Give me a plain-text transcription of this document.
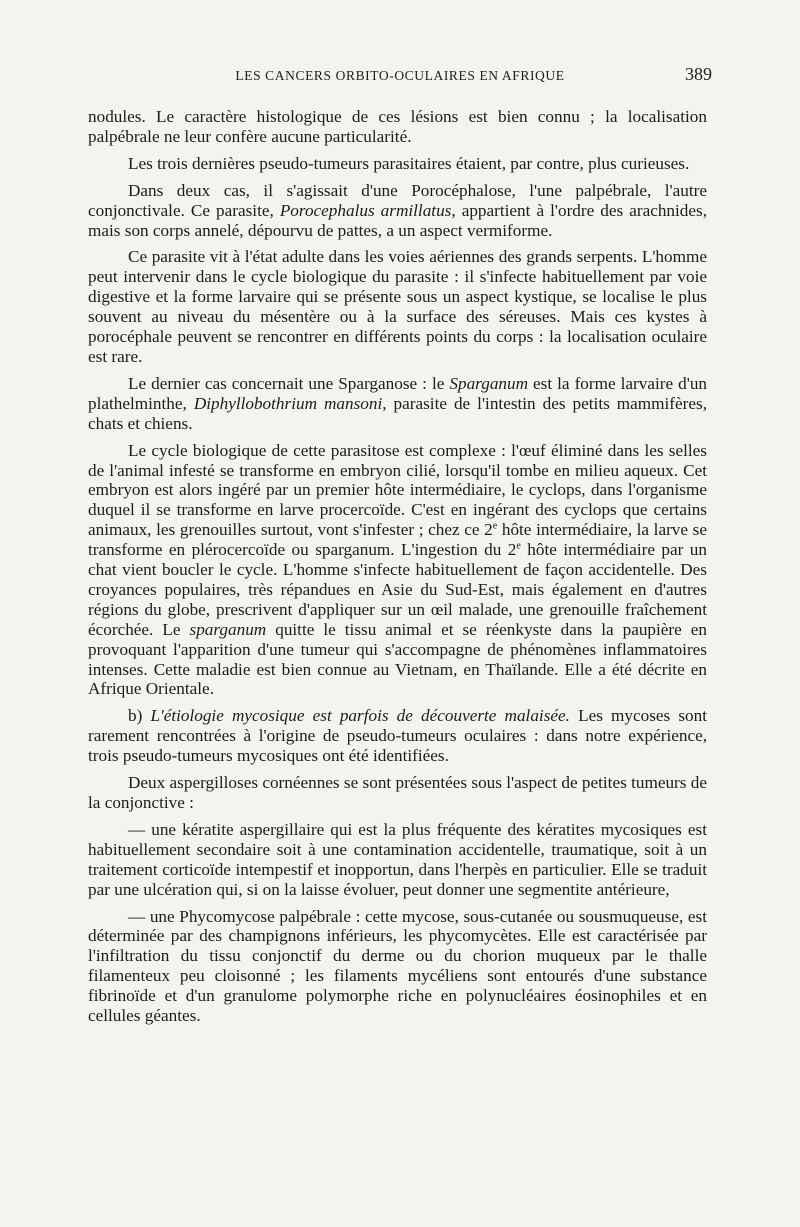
LES CANCERS ORBITO-OCULAIRES EN AFRIQUE	389

nodules. Le caractère histologique de ces lésions est bien connu ; la localisation palpébrale ne leur confère aucune particularité.

Les trois dernières pseudo-tumeurs parasitaires étaient, par contre, plus curieuses.

Dans deux cas, il s'agissait d'une Porocéphalose, l'une palpébrale, l'autre conjonctivale. Ce parasite, Porocephalus armillatus, appartient à l'ordre des arachnides, mais son corps annelé, dépourvu de pattes, a un aspect vermiforme.

Ce parasite vit à l'état adulte dans les voies aériennes des grands serpents. L'homme peut intervenir dans le cycle biologique du parasite : il s'infecte habituellement par voie digestive et la forme larvaire qui se présente sous un aspect kystique, se localise le plus souvent au niveau du mésentère ou à la surface des séreuses. Mais ces kystes à porocéphale peuvent se rencontrer en différents points du corps : la localisation oculaire est rare.

Le dernier cas concernait une Sparganose : le Sparganum est la forme larvaire d'un plathelminthe, Diphyllobothrium mansoni, parasite de l'intestin des petits mammifères, chats et chiens.

Le cycle biologique de cette parasitose est complexe : l'œuf éliminé dans les selles de l'animal infesté se transforme en embryon cilié, lorsqu'il tombe en milieu aqueux. Cet embryon est alors ingéré par un premier hôte intermédiaire, le cyclops, dans l'organisme duquel il se transforme en larve procercoïde. C'est en ingérant des cyclops que certains animaux, les grenouilles surtout, vont s'infester ; chez ce 2e hôte intermédiaire, la larve se transforme en plérocercoïde ou sparganum. L'ingestion du 2e hôte intermédiaire par un chat vient boucler le cycle. L'homme s'infecte habituellement de façon accidentelle. Des croyances populaires, très répandues en Asie du Sud-Est, mais également en d'autres régions du globe, prescrivent d'appliquer sur un œil malade, une grenouille fraîchement écorchée. Le sparganum quitte le tissu animal et se réenkyste dans la paupière en provoquant l'apparition d'une tumeur qui s'accompagne de phénomènes inflammatoires intenses. Cette maladie est bien connue au Vietnam, en Thaïlande. Elle a été décrite en Afrique Orientale.

b) L'étiologie mycosique est parfois de découverte malaisée. Les mycoses sont rarement rencontrées à l'origine de pseudo-tumeurs oculaires : dans notre expérience, trois pseudo-tumeurs mycosiques ont été identifiées.

Deux aspergilloses cornéennes se sont présentées sous l'aspect de petites tumeurs de la conjonctive :

— une kératite aspergillaire qui est la plus fréquente des kératites mycosiques est habituellement secondaire soit à une contamination accidentelle, traumatique, soit à un traitement corticoïde intempestif et inopportun, dans l'herpès en particulier. Elle se traduit par une ulcération qui, si on la laisse évoluer, peut donner une segmentite antérieure,

— une Phycomycose palpébrale : cette mycose, sous-cutanée ou sousmuqueuse, est déterminée par des champignons inférieurs, les phycomycètes. Elle est caractérisée par l'infiltration du tissu conjonctif du derme ou du chorion muqueux par le thalle filamenteux peu cloisonné ; les filaments mycéliens sont entourés d'une substance fibrinoïde et d'un granulome polymorphe riche en polynucléaires éosinophiles et en cellules géantes.
